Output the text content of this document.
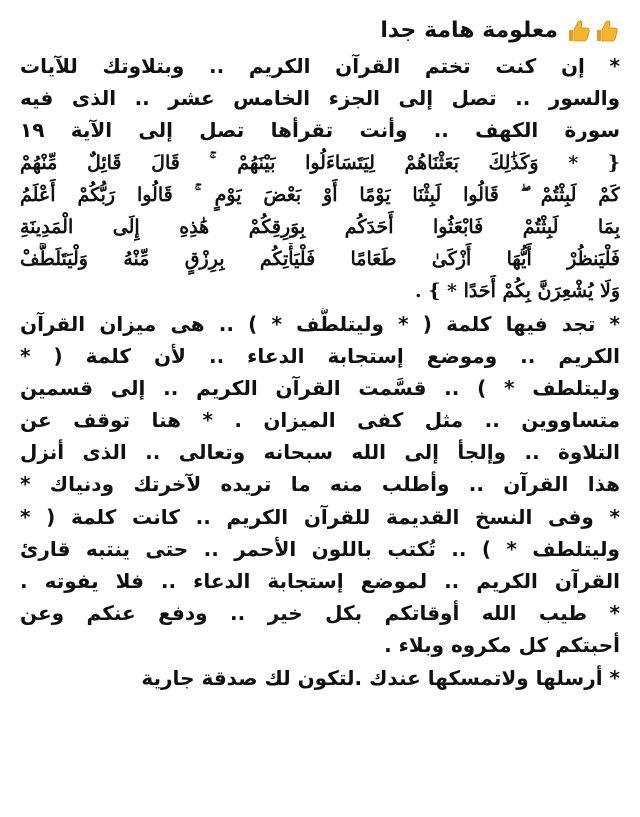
معلومة هامة جدا
* إن كنت تختم القرآن الكريم .. وبتلاوتك للآيات
والسور .. تصل إلى الجزء الخامس عشر .. الذى فيه
سورة الكهف .. وأنت تقرأها تصل إلى الآية ١٩
{ * وَكَذَٰلِكَ بَعَثْنَاهُمْ لِيَتَسَاءَلُوا بَيْنَهُمْ ۚ قَالَ قَائِلٌ مِّنْهُمْ
كَمْ لَبِثْتُمْ ۖ قَالُوا لَبِثْنَا يَوْمًا أَوْ بَعْضَ يَوْمٍ ۚ قَالُوا رَبُّكُمْ أَعْلَمُ
بِمَا لَبِثْتُمْ فَابْعَثُوا أَحَدَكُم بِوَرِقِكُمْ هَٰذِهِ إِلَى الْمَدِينَةِ
فَلْيَنظُرْ أَيُّهَا أَزْكَىٰ طَعَامًا فَلْيَأْتِكُم بِرِزْقٍ مِّنْهُ وَلْيَتَلَطَّفْ
وَلَا يُشْعِرَنَّ بِكُمْ أَحَدًا * } .
* تجد فيها كلمة ( * وليتلطَّف * ) .. هى ميزان القرآن
الكريم .. وموضع إستجابة الدعاء .. لأن كلمة ( *
وليتلطف * ) .. قسَّمت القرآن الكريم .. إلى قسمين
متساووين .. مثل كفى الميزان . * هنا توقف عن
التلاوة .. وإلجأ إلى الله سبحانه وتعالى .. الذى أنزل
هذا القرآن .. وأطلب منه ما تريده لآخرتك ودنياك *
* وفى النسخ القديمة للقرآن الكريم .. كانت كلمة ( *
وليتلطف * ) .. تُكتب باللون الأحمر .. حتى ينتبه قارئ
القرآن الكريم .. لموضع إستجابة الدعاء .. فلا يفوته .
* طيب الله أوقاتكم بكل خير .. ودفع عنكم وعن
أحبتكم كل مكروه وبلاء .
* أرسلها ولاتمسكها عندك .لتكون لك صدقة جارية
